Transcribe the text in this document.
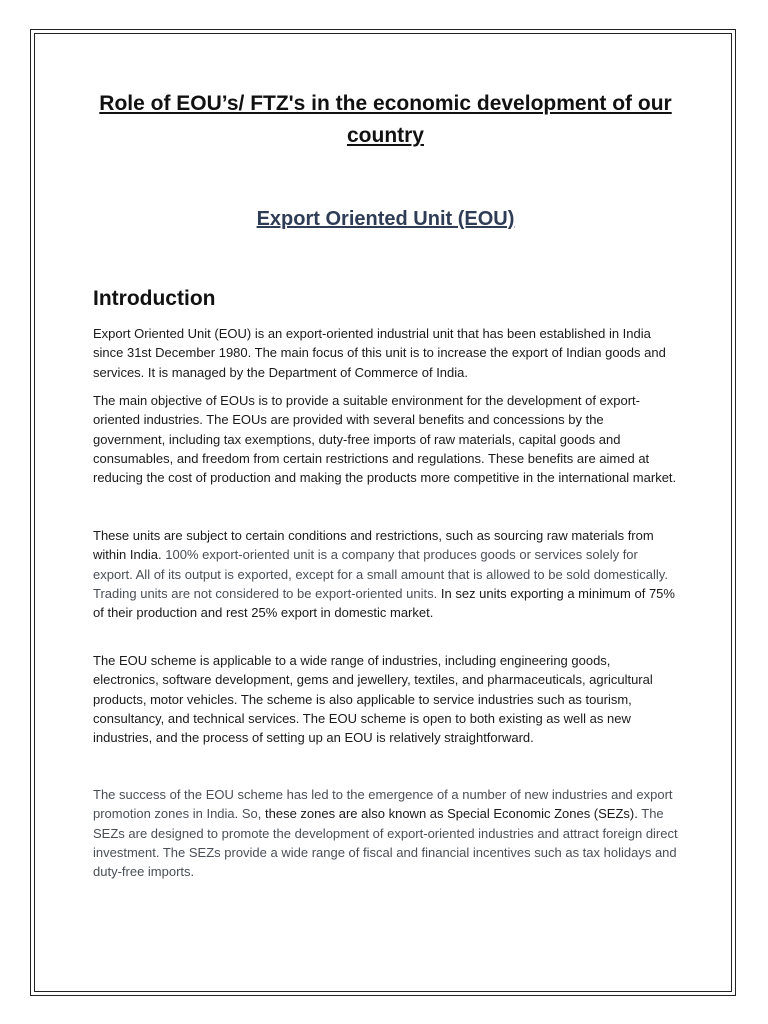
Role of EOU’s/ FTZ's in the economic development of our country
Export Oriented Unit (EOU)
Introduction

Export Oriented Unit (EOU) is an export-oriented industrial unit that has been established in India since 31st December 1980. The main focus of this unit is to increase the export of Indian goods and services. It is managed by the Department of Commerce of India.

The main objective of EOUs is to provide a suitable environment for the development of export-oriented industries. The EOUs are provided with several benefits and concessions by the government, including tax exemptions, duty-free imports of raw materials, capital goods and consumables, and freedom from certain restrictions and regulations. These benefits are aimed at reducing the cost of production and making the products more competitive in the international market.

These units are subject to certain conditions and restrictions, such as sourcing raw materials from within India. 100% export-oriented unit is a company that produces goods or services solely for export. All of its output is exported, except for a small amount that is allowed to be sold domestically. Trading units are not considered to be export-oriented units. In sez units exporting a minimum of 75% of their production and rest 25% export in domestic market.

The EOU scheme is applicable to a wide range of industries, including engineering goods, electronics, software development, gems and jewellery, textiles, and pharmaceuticals, agricultural products, motor vehicles. The scheme is also applicable to service industries such as tourism, consultancy, and technical services. The EOU scheme is open to both existing as well as new industries, and the process of setting up an EOU is relatively straightforward.

The success of the EOU scheme has led to the emergence of a number of new industries and export promotion zones in India. So, these zones are also known as Special Economic Zones (SEZs). The SEZs are designed to promote the development of export-oriented industries and attract foreign direct investment. The SEZs provide a wide range of fiscal and financial incentives such as tax holidays and duty-free imports.
